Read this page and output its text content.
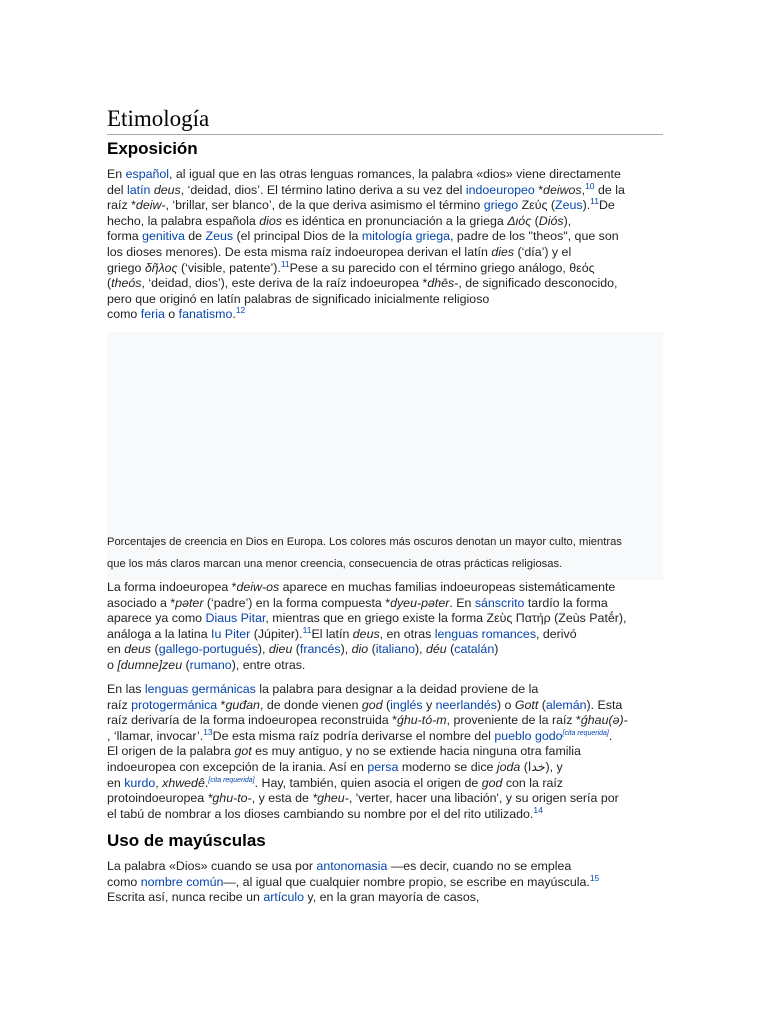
Etimología
Exposición
En español, al igual que en las otras lenguas romances, la palabra «dios» viene directamente
del latín deus, ‘deidad, dios’. El término latino deriva a su vez del indoeuropeo *deiwos,$^{10}$ de la
raíz *deiw-, ‘brillar, ser blanco’, de la que deriva asimismo el término griego Ζεύς (Zeus).$^{11}$De
hecho, la palabra española dios es idéntica en pronunciación a la griega Διός (Diós),
forma genitiva de Zeus (el principal Dios de la mitología griega, padre de los "theos", que son
los dioses menores). De esta misma raíz indoeuropea derivan el latín dies (‘día’) y el
griego δῆλος (‘visible, patente’).$^{11}$Pese a su parecido con el término griego análogo, θεός
(theós, ‘deidad, dios’), este deriva de la raíz indoeuropea *dhēs-, de significado desconocido,
pero que originó en latín palabras de significado inicialmente religioso
como feria o fanatismo.$^{12}$
Porcentajes de creencia en Dios en Europa. Los colores más oscuros denotan un mayor culto, mientras
que los más claros marcan una menor creencia, consecuencia de otras prácticas religiosas.
La forma indoeuropea *deiw-os aparece en muchas familias indoeuropeas sistemáticamente
asociado a *pəter (‘padre’) en la forma compuesta *dyeu-pəter. En sánscrito tardío la forma
aparece ya como Diaus Pitar, mientras que en griego existe la forma Ζεὺς Πατήρ (Zeùs Patḗr),
análoga a la latina Iu Piter (Júpiter).$^{11}$El latín deus, en otras lenguas romances, derivó
en deus (gallego-portugués), dieu (francés), dio (italiano), déu (catalán)
o [dumne]zeu (rumano), entre otras.
En las lenguas germánicas la palabra para designar a la deidad proviene de la
raíz protogermánica *guđan, de donde vienen god (inglés y neerlandés) o Gott (alemán). Esta
raíz derivaría de la forma indoeuropea reconstruida *ǵhu-tó-m, proveniente de la raíz *ǵhau(ə)-
, ‘llamar, invocar’.$^{13}$De esta misma raíz podría derivarse el nombre del pueblo godo[cita requerida].
El origen de la palabra got es muy antiguo, y no se extiende hacia ninguna otra familia
indoeuropea con excepción de la irania. Así en persa moderno se dice joda (خدا), y
en kurdo, xhwedê.[cita requerida]. Hay, también, quien asocia el origen de god con la raíz
protoindoeuropea *ghu-to-, y esta de *gheu-, 'verter, hacer una libación', y su origen sería por
el tabú de nombrar a los dioses cambiando su nombre por el del rito utilizado.$^{14}$
Uso de mayúsculas
La palabra «Dios» cuando se usa por antonomasia —es decir, cuando no se emplea
como nombre común—, al igual que cualquier nombre propio, se escribe en mayúscula.$^{15}$
Escrita así, nunca recibe un artículo y, en la gran mayoría de casos,
